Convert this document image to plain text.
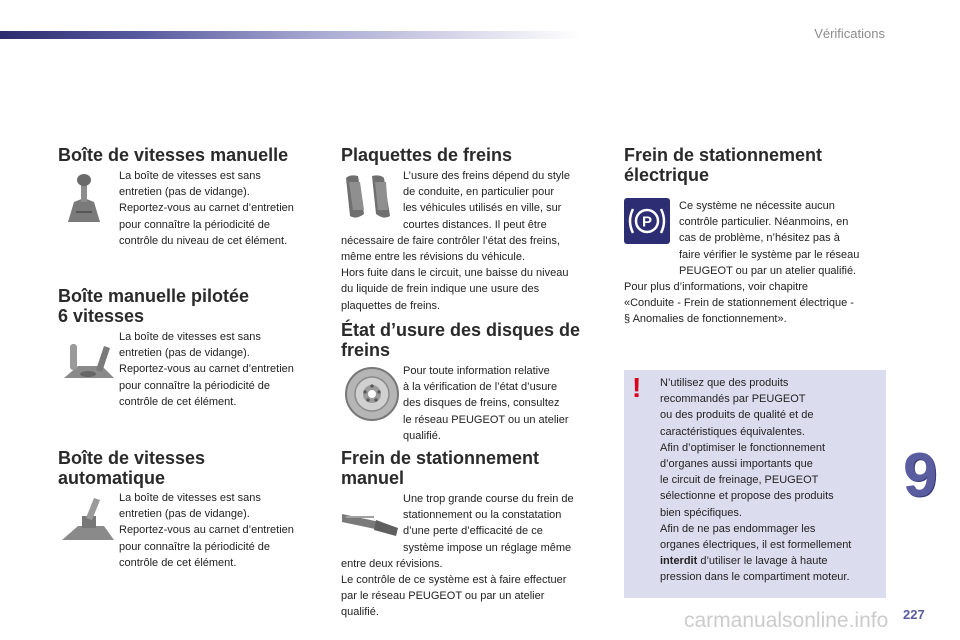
Vérifications
Boîte de vitesses manuelle
La boîte de vitesses est sans
entretien (pas de vidange).
Reportez-vous au carnet d’entretien
pour connaître la périodicité de
contrôle du niveau de cet élément.
Boîte manuelle pilotée
6 vitesses
La boîte de vitesses est sans
entretien (pas de vidange).
Reportez-vous au carnet d’entretien
pour connaître la périodicité de
contrôle de cet élément.
Boîte de vitesses
automatique
La boîte de vitesses est sans
entretien (pas de vidange).
Reportez-vous au carnet d’entretien
pour connaître la périodicité de
contrôle de cet élément.
Plaquettes de freins
L’usure des freins dépend du style
de conduite, en particulier pour
les véhicules utilisés en ville, sur
courtes distances. Il peut être
nécessaire de faire contrôler l’état des freins,
même entre les révisions du véhicule.
Hors fuite dans le circuit, une baisse du niveau
du liquide de frein indique une usure des
plaquettes de freins.
État d’usure des disques de
freins
Pour toute information relative
à la vérification de l’état d’usure
des disques de freins, consultez
le réseau PEUGEOT ou un atelier
qualifié.
Frein de stationnement
manuel
Une trop grande course du frein de
stationnement ou la constatation
d’une perte d’efficacité de ce
système impose un réglage même
entre deux révisions.
Le contrôle de ce système est à faire effectuer
par le réseau PEUGEOT ou par un atelier
qualifié.
Frein de stationnement
électrique
P
Ce système ne nécessite aucun
contrôle particulier. Néanmoins, en
cas de problème, n’hésitez pas à
faire vérifier le système par le réseau
PEUGEOT ou par un atelier qualifié.
Pour plus d’informations, voir chapitre
«Conduite - Frein de stationnement électrique -
§ Anomalies de fonctionnement».
! N’utilisez que des produits
recommandés par PEUGEOT
ou des produits de qualité et de
caractéristiques équivalentes.
Afin d’optimiser le fonctionnement
d’organes aussi importants que
le circuit de freinage, PEUGEOT
sélectionne et propose des produits
bien spécifiques.
Afin de ne pas endommager les
organes électriques, il est formellement
interdit d’utiliser le lavage à haute
pression dans le compartiment moteur.
9
carmanualsonline.info 227
